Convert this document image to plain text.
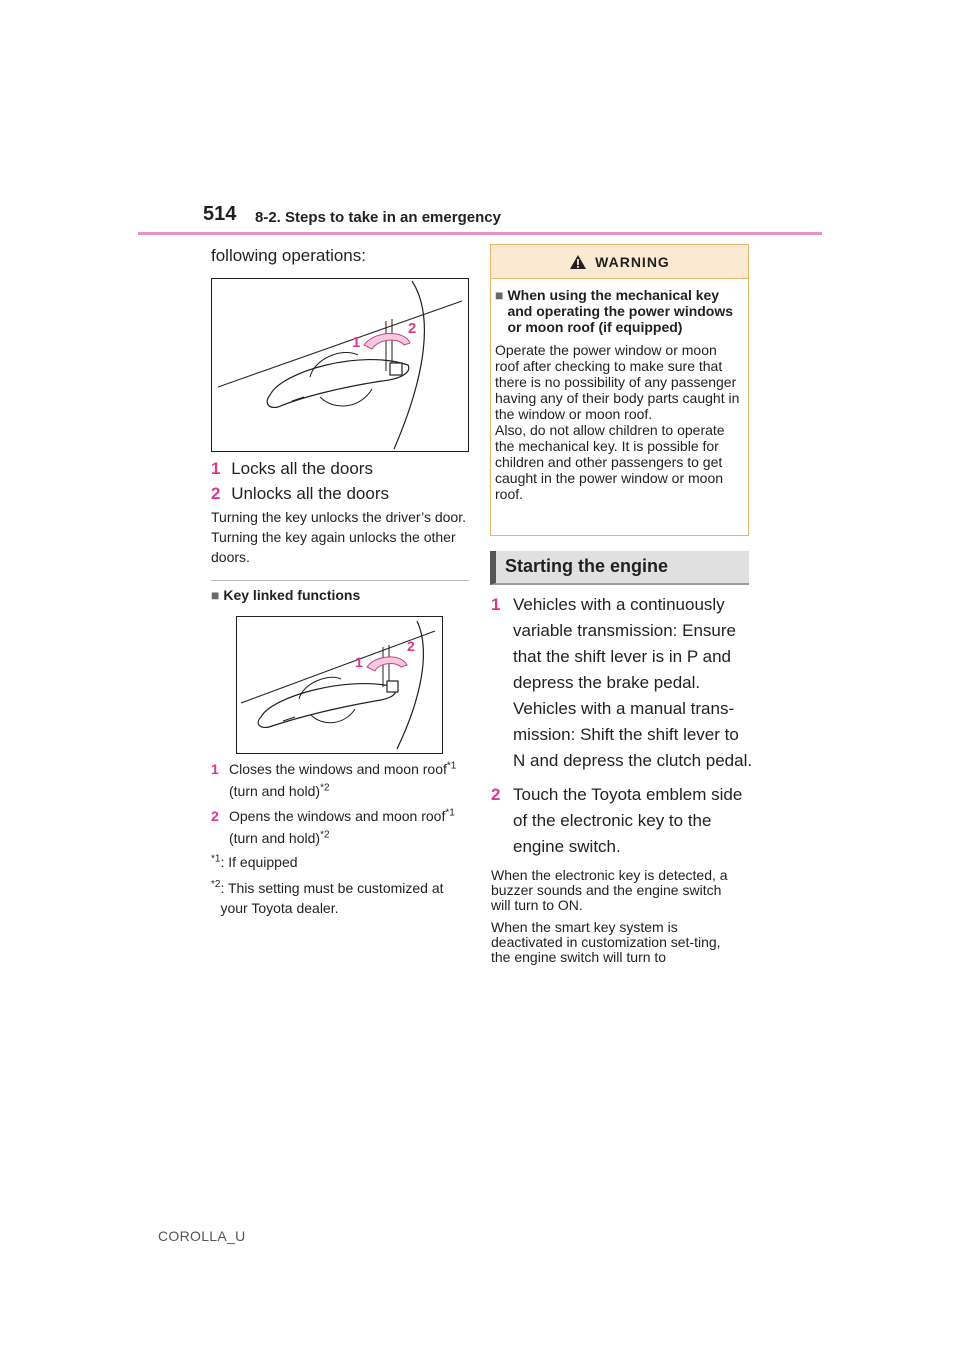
514 8-2. Steps to take in an emergency
following operations:
1
2
1 Locks all the doors
2 Unlocks all the doors
Turning the key unlocks the driver’s door. Turning the key again unlocks the other doors.
■ Key linked functions
1
2
1 Closes the windows and moon roof$^{*1}$ (turn and hold)$^{*2}$
2 Opens the windows and moon roof$^{*1}$ (turn and hold)$^{*2}$
$^{*1}$: If equipped
*2 : This setting must be customized at your Toyota dealer.
WARNING
■ When using the mechanical key and operating the power windows or moon roof (if equipped)
Operate the power window or moon roof after checking to make sure that there is no possibility of any passenger having any of their body parts caught in the window or moon roof.
Also, do not allow children to operate the mechanical key. It is possible for children and other passengers to get caught in the power window or moon roof.
Starting the engine
1 Vehicles with a continuously variable transmission: Ensure that the shift lever is in P and depress the brake pedal.
Vehicles with a manual trans-mission: Shift the shift lever to N and depress the clutch pedal.
2 Touch the Toyota emblem side of the electronic key to the engine switch.
When the electronic key is detected, a buzzer sounds and the engine switch will turn to ON.
When the smart key system is deactivated in customization set-ting, the engine switch will turn to
COROLLA_U
